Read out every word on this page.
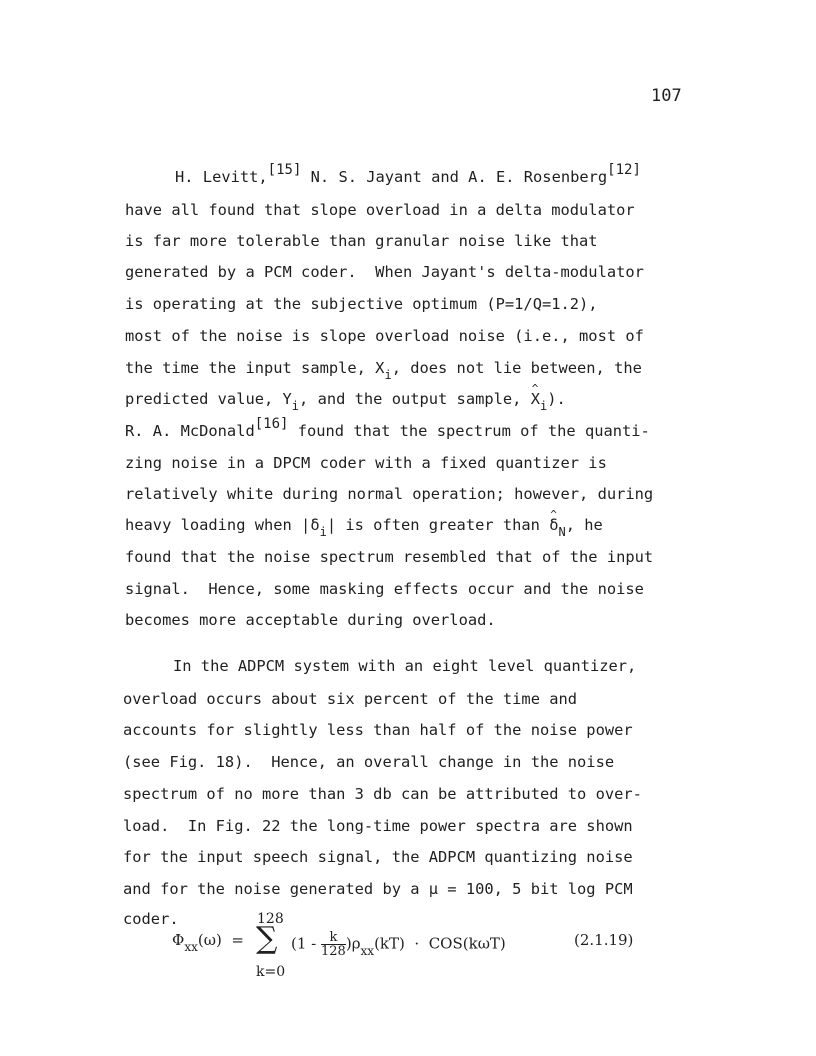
107
H. Levitt,[15] N. S. Jayant and A. E. Rosenberg[12]
have all found that slope overload in a delta modulator
is far more tolerable than granular noise like that
generated by a PCM coder.  When Jayant's delta-modulator
is operating at the subjective optimum (P=1/Q=1.2),
most of the noise is slope overload noise (i.e., most of
the time the input sample, $X_i$, does not lie between, the
predicted value, $Y_i$, and the output sample, ^ $X_i$).
R. A. McDonald[16] found that the spectrum of the quanti-
zing noise in a DPCM coder with a fixed quantizer is
relatively white during normal operation; however, during
heavy loading when $|\delta_i|$ is often greater than ^ $\delta_N$, he
found that the noise spectrum resembled that of the input
signal.  Hence, some masking effects occur and the noise
becomes more acceptable during overload.
In the ADPCM system with an eight level quantizer,
overload occurs about six percent of the time and
accounts for slightly less than half of the noise power
(see Fig. 18).  Hence, an overall change in the noise
spectrum of no more than 3 db can be attributed to over-
load.  In Fig. 22 the long-time power spectra are shown
for the input speech signal, the ADPCM quantizing noise
and for the noise generated by a μ = 100, 5 bit log PCM
coder.	128
$\Phi_{xx}(\omega)$  = ∑
k=0
$(1 - \frac{k}{128} )\rho_{xx}(kT) \cdot COS(k\omega T)$	(2.1.19)
